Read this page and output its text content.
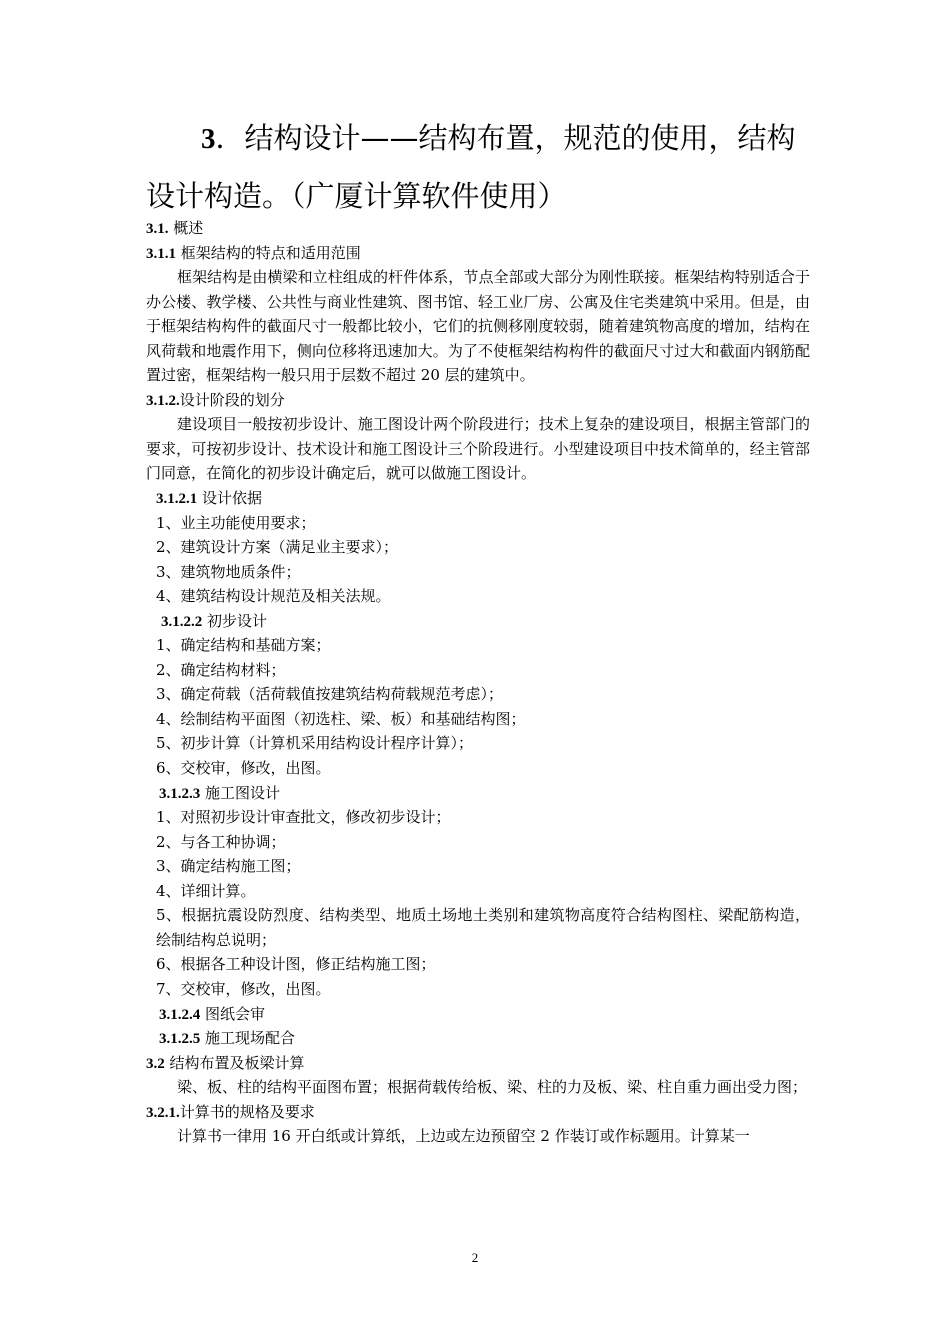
3．结构设计——结构布置，规范的使用，结构设计构造。（广厦计算软件使用）
3.1. 概述
3.1.1 框架结构的特点和适用范围

框架结构是由横梁和立柱组成的杆件体系，节点全部或大部分为刚性联接。框架结构特别适合于办公楼、教学楼、公共性与商业性建筑、图书馆、轻工业厂房、公寓及住宅类建筑中采用。但是，由于框架结构构件的截面尺寸一般都比较小，它们的抗侧移刚度较弱，随着建筑物高度的增加，结构在风荷载和地震作用下，侧向位移将迅速加大。为了不使框架结构构件的截面尺寸过大和截面内钢筋配置过密，框架结构一般只用于层数不超过 20 层的建筑中。

3.1.2.设计阶段的划分

建设项目一般按初步设计、施工图设计两个阶段进行；技术上复杂的建设项目，根据主管部门的要求，可按初步设计、技术设计和施工图设计三个阶段进行。小型建设项目中技术简单的，经主管部门同意，在简化的初步设计确定后，就可以做施工图设计。

3.1.2.1 设计依据
1、业主功能使用要求；
2、建筑设计方案（满足业主要求）；
3、建筑物地质条件；
4、建筑结构设计规范及相关法规。
3.1.2.2 初步设计
1、确定结构和基础方案；
2、确定结构材料；
3、确定荷载（活荷载值按建筑结构荷载规范考虑）；
4、绘制结构平面图（初选柱、梁、板）和基础结构图；
5、初步计算（计算机采用结构设计程序计算）；
6、交校审，修改，出图。
3.1.2.3 施工图设计
1、对照初步设计审查批文，修改初步设计；
2、与各工种协调；
3、确定结构施工图；
4、详细计算。

5、根据抗震设防烈度、结构类型、地质土场地土类别和建筑物高度符合结构图柱、梁配筋构造，绘制结构总说明；

6、根据各工种设计图，修正结构施工图；
7、交校审，修改，出图。
3.1.2.4 图纸会审
3.1.2.5 施工现场配合
3.2 结构布置及板梁计算

梁、板、柱的结构平面图布置；根据荷载传给板、梁、柱的力及板、梁、柱自重力画出受力图；

3.2.1.计算书的规格及要求
计算书一律用 16 开白纸或计算纸，上边或左边预留空 2 作装订或作标题用。计算某一
2
